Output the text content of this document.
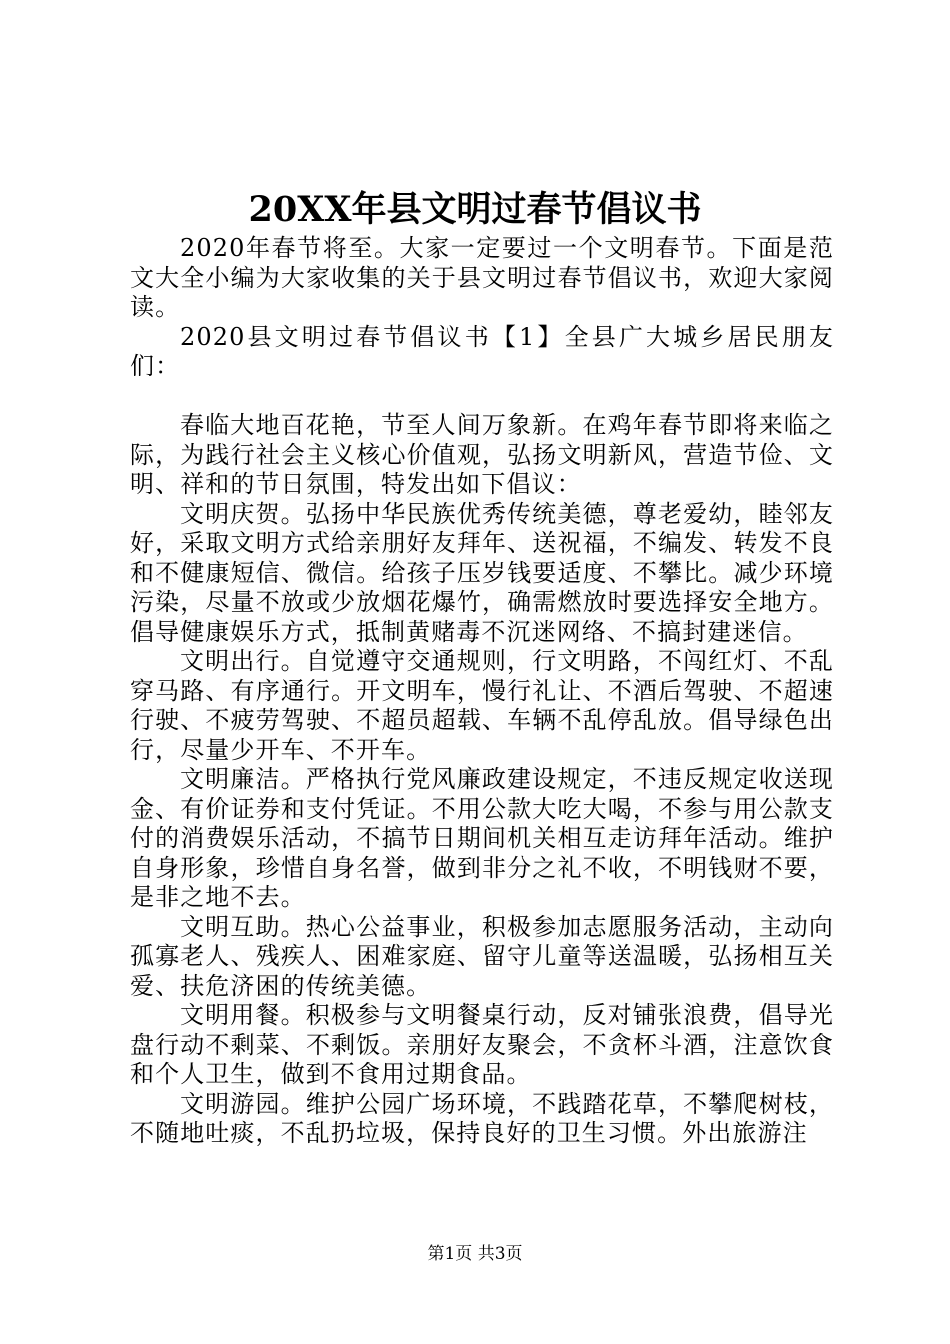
20XX年县文明过春节倡议书

2020年春节将至。大家一定要过一个文明春节。下面是范文大全小编为大家收集的关于县文明过春节倡议书，欢迎大家阅读。

2020县文明过春节倡议书【1】全县广大城乡居民朋友们：

春临大地百花艳，节至人间万象新。在鸡年春节即将来临之际，为践行社会主义核心价值观，弘扬文明新风，营造节俭、文明、祥和的节日氛围，特发出如下倡议：

文明庆贺。弘扬中华民族优秀传统美德，尊老爱幼，睦邻友好，采取文明方式给亲朋好友拜年、送祝福，不编发、转发不良和不健康短信、微信。给孩子压岁钱要适度、不攀比。减少环境污染，尽量不放或少放烟花爆竹，确需燃放时要选择安全地方。倡导健康娱乐方式，抵制黄赌毒不沉迷网络、不搞封建迷信。

文明出行。自觉遵守交通规则，行文明路，不闯红灯、不乱穿马路、有序通行。开文明车，慢行礼让、不酒后驾驶、不超速行驶、不疲劳驾驶、不超员超载、车辆不乱停乱放。倡导绿色出行，尽量少开车、不开车。

文明廉洁。严格执行党风廉政建设规定，不违反规定收送现金、有价证券和支付凭证。不用公款大吃大喝，不参与用公款支付的消费娱乐活动，不搞节日期间机关相互走访拜年活动。维护自身形象，珍惜自身名誉，做到非分之礼不收，不明钱财不要，是非之地不去。

文明互助。热心公益事业，积极参加志愿服务活动，主动向孤寡老人、残疾人、困难家庭、留守儿童等送温暖，弘扬相互关爱、扶危济困的传统美德。

文明用餐。积极参与文明餐桌行动，反对铺张浪费，倡导光盘行动不剩菜、不剩饭。亲朋好友聚会，不贪杯斗酒，注意饮食和个人卫生，做到不食用过期食品。

文明游园。维护公园广场环境，不践踏花草，不攀爬树枝，不随地吐痰，不乱扔垃圾，保持良好的卫生习惯。外出旅游注

第1页 共3页
